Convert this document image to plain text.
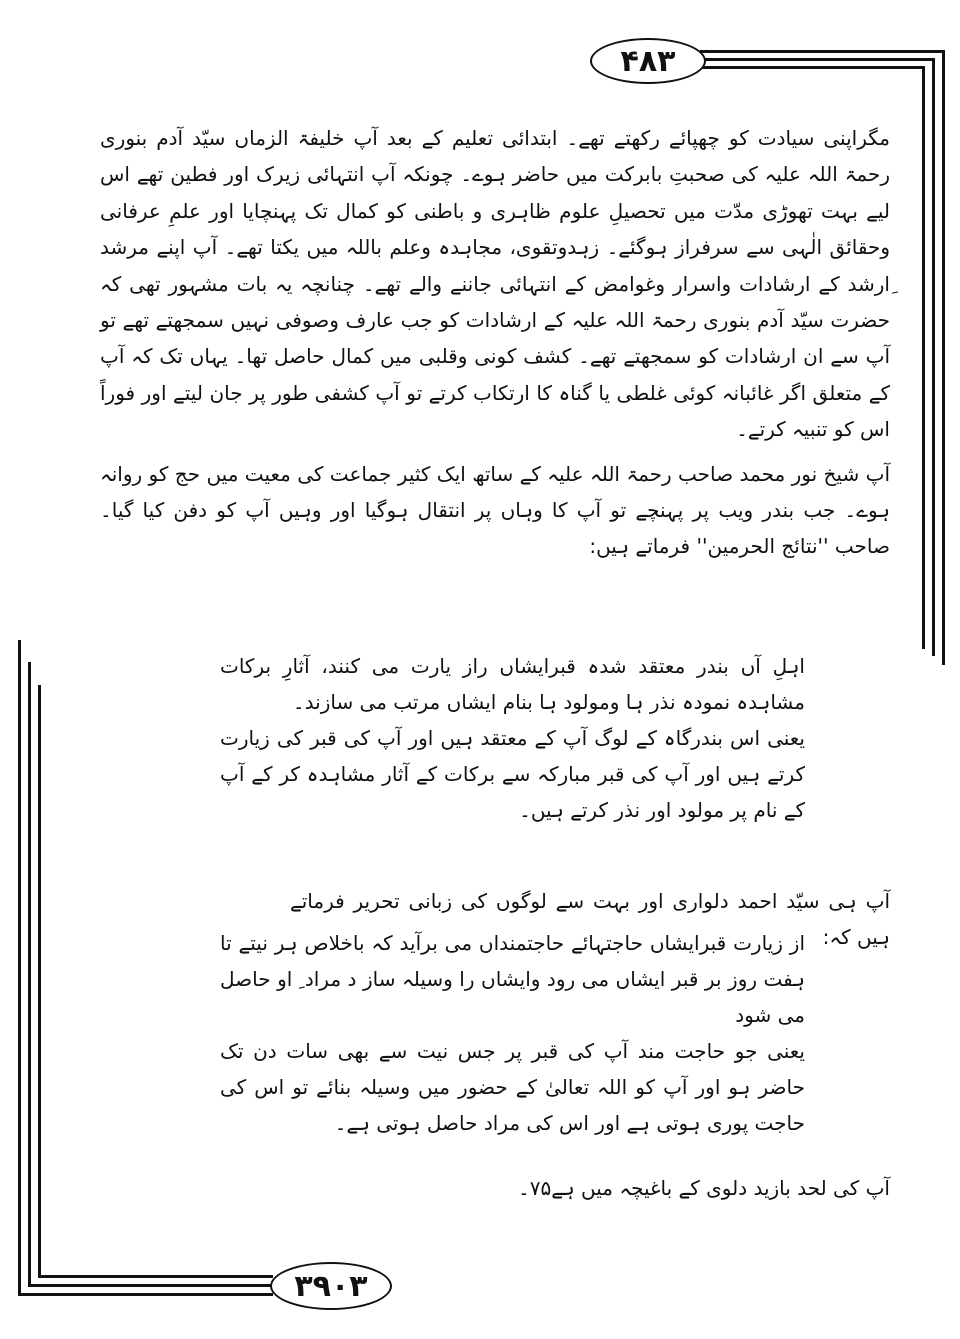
۴۸۳
۳۹۰۳

مگراپنی سیادت کو چھپائے رکھتے تھے۔ ابتدائی تعلیم کے بعد آپ خلیفۃ الزماں سیّد آدم بنوری رحمۃ اللہ علیہ کی صحبتِ بابرکت میں حاضر ہوے۔ چونکہ آپ انتہائی زیرک اور فطین تھے اس لیے بہت تھوڑی مدّت میں تحصیلِ علوم ظاہری و باطنی کو کمال تک پہنچایا اور علمِ عرفانی وحقائق الٰہی سے سرفراز ہوگئے۔ زہدوتقوی، مجاہدہ وعلم باللہ میں یکتا تھے۔ آپ اپنے مرشد ِارشد کے ارشادات واسرار وغوامض کے انتہائی جاننے والے تھے۔ چنانچہ یہ بات مشہور تھی کہ حضرت سیّد آدم بنوری رحمۃ اللہ علیہ کے ارشادات کو جب عارف وصوفی نہیں سمجھتے تھے تو آپ سے ان ارشادات کو سمجھتے تھے۔ کشف کونی وقلبی میں کمال حاصل تھا۔ یہاں تک کہ آپ کے متعلق اگر غائبانہ کوئی غلطی یا گناہ کا ارتکاب کرتے تو آپ کشفی طور پر جان لیتے اور فوراً اس کو تنبیہ کرتے۔

آپ شیخ نور محمد صاحب رحمۃ اللہ علیہ کے ساتھ ایک کثیر جماعت کی معیت میں حج کو روانہ ہوے۔ جب بندر ویب پر پہنچے تو آپ کا وہاں پر انتقال ہوگیا اور وہیں آپ کو دفن کیا گیا۔ صاحب ''نتائج الحرمین'' فرماتے ہیں:

اہلِ آں بندر معتقد شدہ قبرایشاں راز یارت می کنند، آثارِ برکات مشاہدہ نمودہ نذر ہا ومولود ہا بنام ایشاں مرتب می سازند۔

یعنی اس بندرگاہ کے لوگ آپ کے معتقد ہیں اور آپ کی قبر کی زیارت کرتے ہیں اور آپ کی قبر مبارکہ سے برکات کے آثار مشاہدہ کر کے آپ کے نام پر مولود اور نذر کرتے ہیں۔

آپ ہی سیّد احمد دلواری اور بہت سے لوگوں کی زبانی تحریر فرماتے ہیں کہ:

از زیارت قبرایشاں حاجتہائے حاجتمنداں می برآید کہ باخلاص ہر نیتے تا ہفت روز بر قبر ایشاں می رود وایشاں را وسیلہ ساز د مراد ِ او حاصل می شود

یعنی جو حاجت مند آپ کی قبر پر جس نیت سے بھی سات دن تک حاضر ہو اور آپ کو اللہ تعالیٰ کے حضور میں وسیلہ بنائے تو اس کی حاجت پوری ہوتی ہے اور اس کی مراد حاصل ہوتی ہے۔

آپ کی لحد بازید دلوی کے باغیچہ میں ہے۷۵۔
